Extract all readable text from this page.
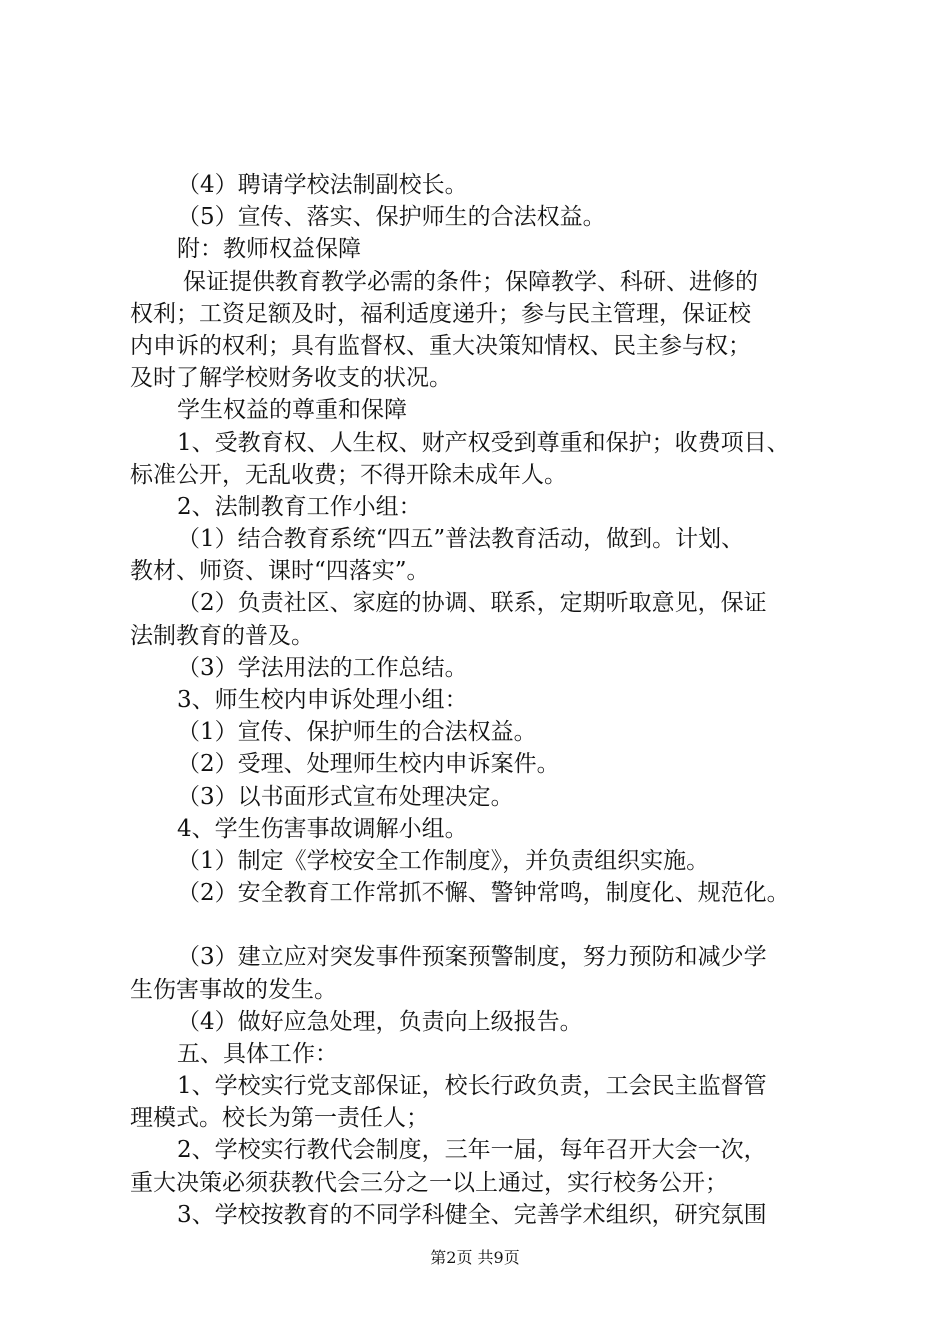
（4）聘请学校法制副校长。
（5）宣传、落实、保护师生的合法权益。
附：教师权益保障
保证提供教育教学必需的条件；保障教学、科研、进修的
权利；工资足额及时，福利适度递升；参与民主管理，保证校
内申诉的权利；具有监督权、重大决策知情权、民主参与权；
及时了解学校财务收支的状况。
学生权益的尊重和保障
1、受教育权、人生权、财产权受到尊重和保护；收费项目、
标准公开，无乱收费；不得开除未成年人。
2、法制教育工作小组：
（1）结合教育系统“四五”普法教育活动，做到。计划、
教材、师资、课时“四落实”。
（2）负责社区、家庭的协调、联系，定期听取意见，保证
法制教育的普及。
（3）学法用法的工作总结。
3、师生校内申诉处理小组：
（1）宣传、保护师生的合法权益。
（2）受理、处理师生校内申诉案件。
（3）以书面形式宣布处理决定。
4、学生伤害事故调解小组。
（1）制定《学校安全工作制度》，并负责组织实施。
（2）安全教育工作常抓不懈、警钟常鸣，制度化、规范化。
（3）建立应对突发事件预案预警制度，努力预防和减少学
生伤害事故的发生。
（4）做好应急处理，负责向上级报告。
五、具体工作：
1、学校实行党支部保证，校长行政负责，工会民主监督管
理模式。校长为第一责任人；
2、学校实行教代会制度，三年一届，每年召开大会一次，
重大决策必须获教代会三分之一以上通过，实行校务公开；
3、学校按教育的不同学科健全、完善学术组织，研究氛围
第2页 共9页
